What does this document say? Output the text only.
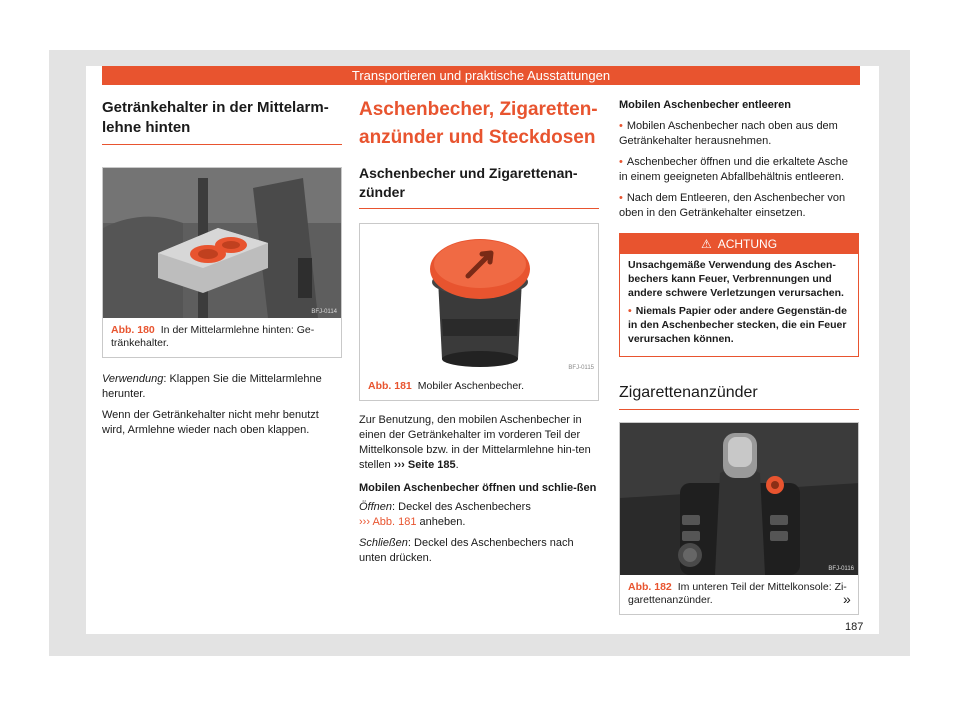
Transportieren und praktische Ausstattungen
Getränkehalter in der Mittelarm-lehne hinten
BFJ-0114
Abb. 180 In der Mittelarmlehne hinten: Ge-tränkehalter.

Verwendung: Klappen Sie die Mittelarmlehne herunter.

Wenn der Getränkehalter nicht mehr benutzt wird, Armlehne wieder nach oben klappen.

Aschenbecher, Zigaretten-anzünder und Steckdosen
Aschenbecher und Zigarettenan-zünder
BFJ-0115
Abb. 181 Mobiler Aschenbecher.

Zur Benutzung, den mobilen Aschenbecher in einen der Getränkehalter im vorderen Teil der Mittelkonsole bzw. in der Mittelarmlehne hin-ten stellen ››› Seite 185.

Mobilen Aschenbecher öffnen und schlie-ßen

Öffnen: Deckel des Aschenbechers
››› Abb. 181 anheben.

Schließen: Deckel des Aschenbechers nach unten drücken.

Mobilen Aschenbecher entleeren

• Mobilen Aschenbecher nach oben aus dem Getränkehalter herausnehmen.

• Aschenbecher öffnen und die erkaltete Asche in einem geeigneten Abfallbehältnis entleeren.

• Nach dem Entleeren, den Aschenbecher von oben in den Getränkehalter einsetzen.

⚠ ACHTUNG

Unsachgemäße Verwendung des Aschen-bechers kann Feuer, Verbrennungen und andere schwere Verletzungen verursachen.

• Niemals Papier oder andere Gegenstän-de in den Aschenbecher stecken, die ein Feuer verursachen können.

Zigarettenanzünder
BFJ-0116
Abb. 182 Im unteren Teil der Mittelkonsole: Zi-garettenanzünder.	»
187
